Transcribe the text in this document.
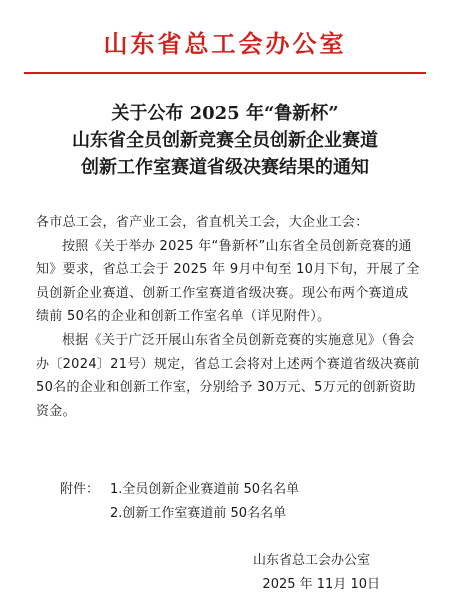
山东省总工会办公室
关于公布 2025 年“鲁新杯”
山东省全员创新竞赛全员创新企业赛道
创新工作室赛道省级决赛结果的通知

各市总工会，省产业工会，省直机关工会，大企业工会：

按照《关于举办 2025 年“鲁新杯”山东省全员创新竞赛的通知》要求，省总工会于 2025 年 9月中旬至 10月下旬，开展了全员创新企业赛道、创新工作室赛道省级决赛。现公布两个赛道成绩前 50名的企业和创新工作室名单（详见附件）。

根据《关于广泛开展山东省全员创新竞赛的实施意见》（鲁会办〔2024〕21号）规定，省总工会将对上述两个赛道省级决赛前 50名的企业和创新工作室，分别给予 30万元、5万元的创新资助资金。

附件： 1.全员创新企业赛道前 50名名单
2.创新工作室赛道前 50名名单
山东省总工会办公室
2025 年 11月 10日
